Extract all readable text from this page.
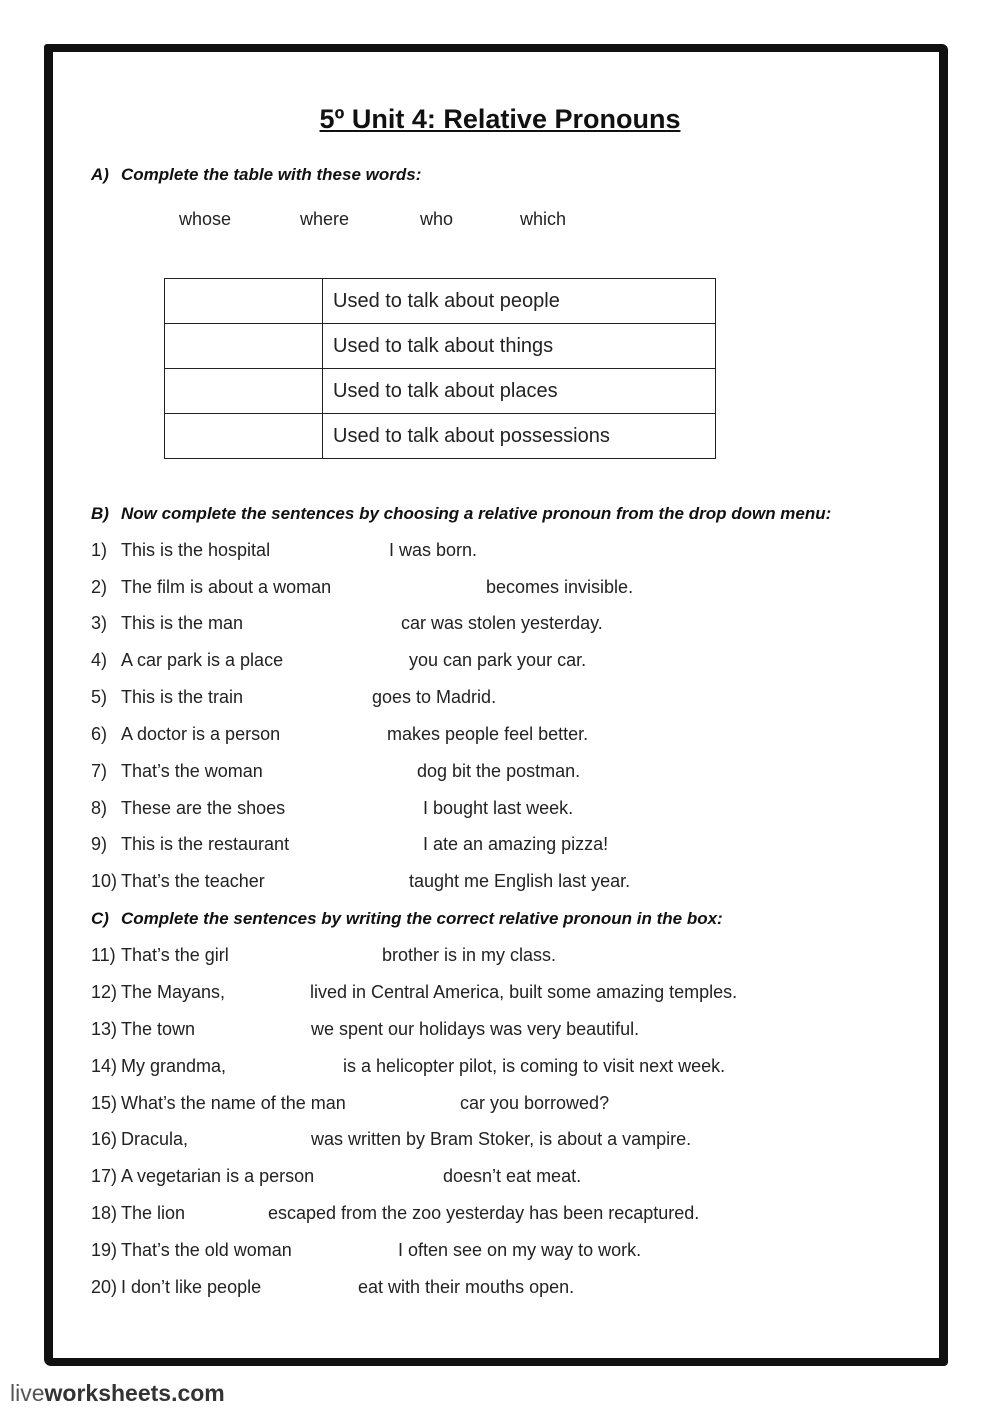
5º Unit 4: Relative Pronouns
A) Complete the table with these words:
whose	where	who	which
	Used to talk about people
	Used to talk about things
	Used to talk about places
	Used to talk about possessions
B) Now complete the sentences by choosing a relative pronoun from the drop down menu:
1) This is the hospital	I was born.
2) The film is about a woman	becomes invisible.
3) This is the man	car was stolen yesterday.
4) A car park is a place	you can park your car.
5) This is the train	goes to Madrid.
6) A doctor is a person	makes people feel better.
7) That’s the woman	dog bit the postman.
8) These are the shoes	I bought last week.
9) This is the restaurant	I ate an amazing pizza!
10) That’s the teacher	taught me English last year.
C) Complete the sentences by writing the correct relative pronoun in the box:
11) That’s the girl	brother is in my class.
12) The Mayans,	lived in Central America, built some amazing temples.
13) The town	we spent our holidays was very beautiful.
14) My grandma,	is a helicopter pilot, is coming to visit next week.
15) What’s the name of the man	car you borrowed?
16) Dracula,	was written by Bram Stoker, is about a vampire.
17) A vegetarian is a person	doesn’t eat meat.
18) The lion	escaped from the zoo yesterday has been recaptured.
19) That’s the old woman	I often see on my way to work.
20) I don’t like people	eat with their mouths open.
liveworksheets.com
